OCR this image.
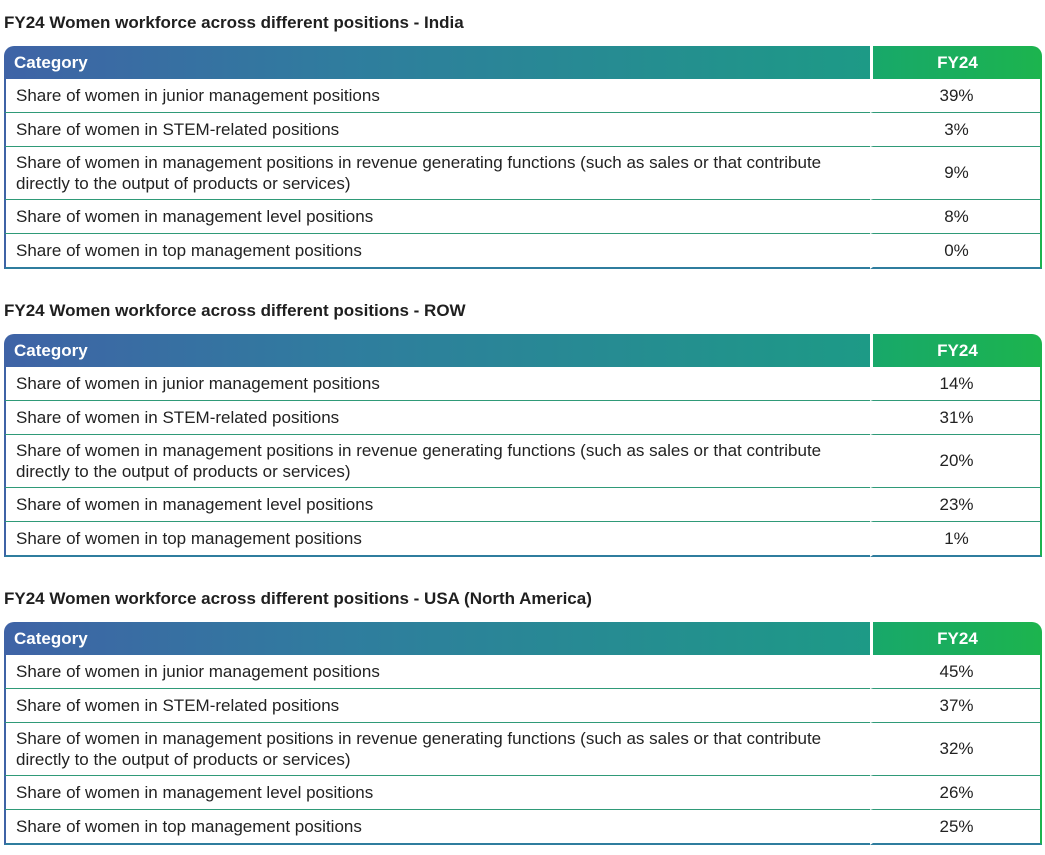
FY24 Women workforce across different positions - India
Category	FY24
Share of women in junior management positions	39%
Share of women in STEM-related positions	3%
Share of women in management positions in revenue generating functions (such as sales or that contribute directly to the output of products or services)	9%
Share of women in management level positions	8%
Share of women in top management positions	0%
FY24 Women workforce across different positions - ROW
Category	FY24
Share of women in junior management positions	14%
Share of women in STEM-related positions	31%
Share of women in management positions in revenue generating functions (such as sales or that contribute directly to the output of products or services)	20%
Share of women in management level positions	23%
Share of women in top management positions	1%
FY24 Women workforce across different positions - USA (North America)
Category	FY24
Share of women in junior management positions	45%
Share of women in STEM-related positions	37%
Share of women in management positions in revenue generating functions (such as sales or that contribute directly to the output of products or services)	32%
Share of women in management level positions	26%
Share of women in top management positions	25%
